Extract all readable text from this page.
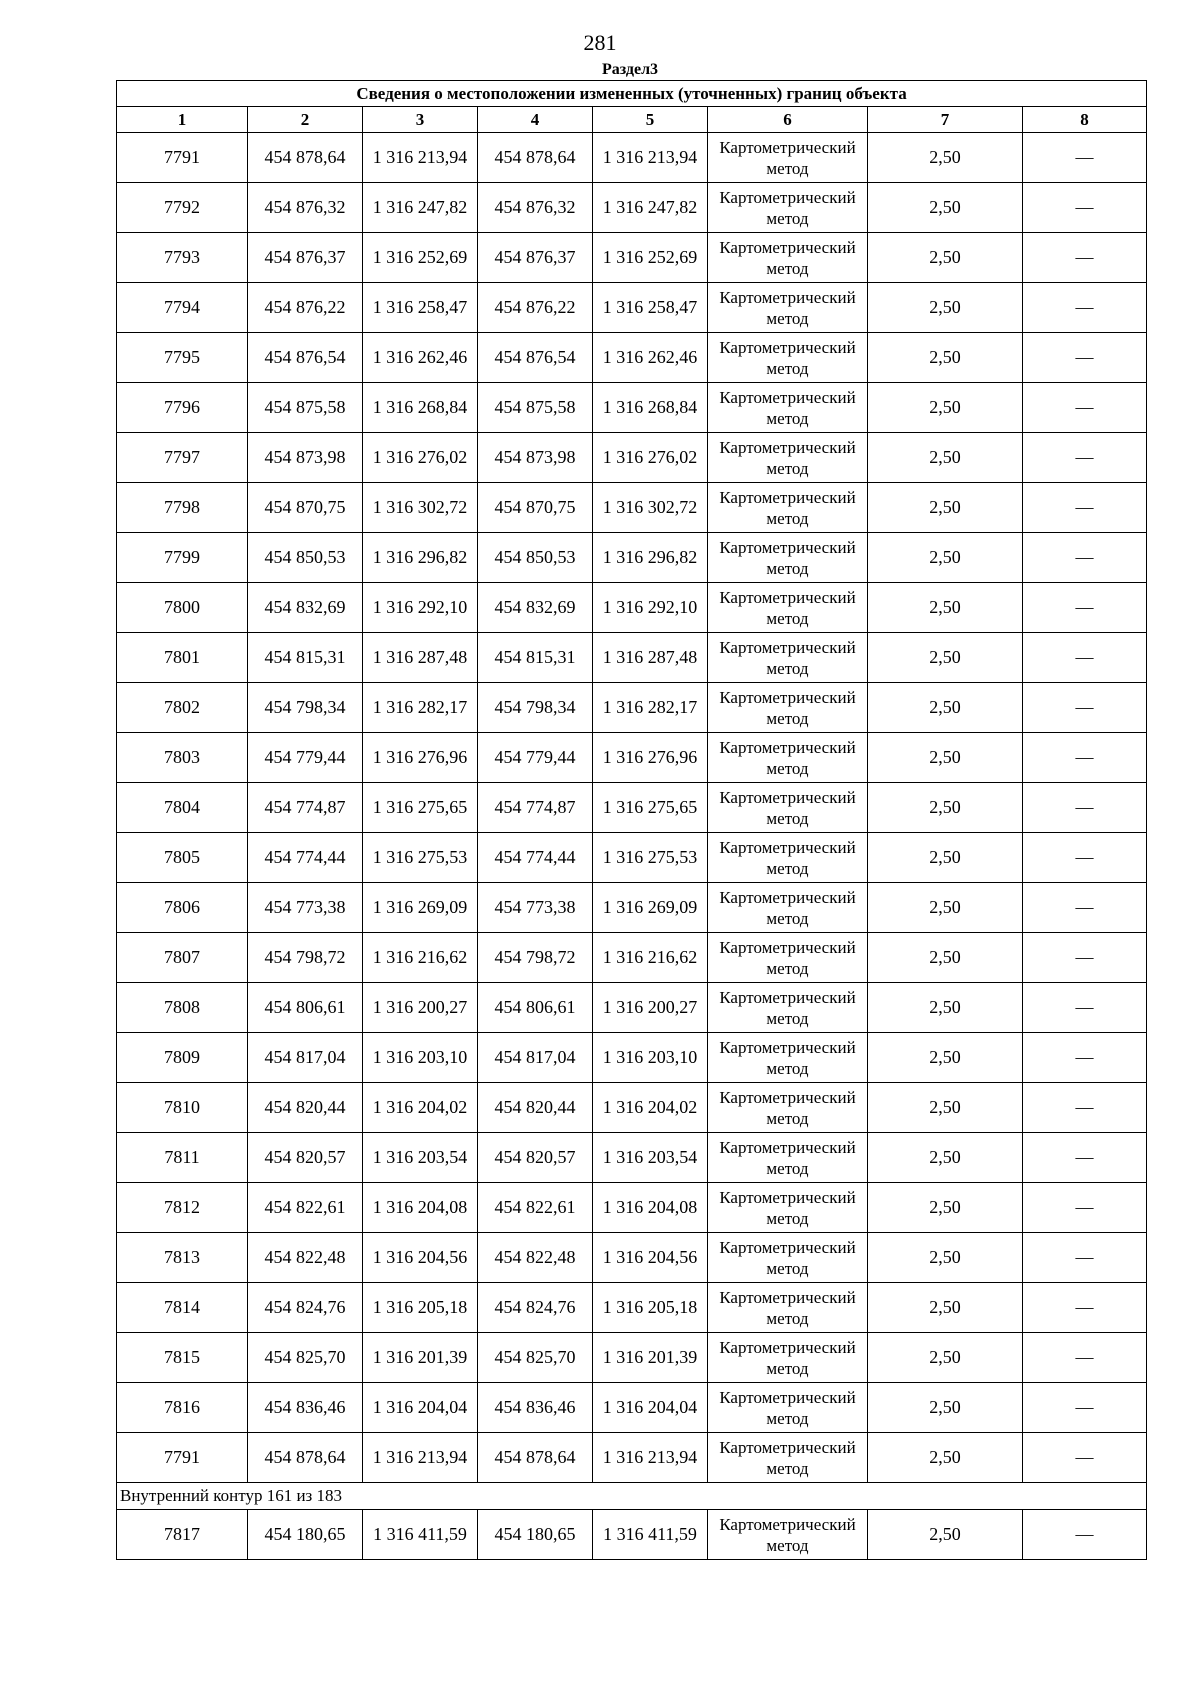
281
Сведения о местоположении измененных (уточненных) границ объекта							
1	2	3	4	5	6	7	8
7791	454 878,64	1 316 213,94	454 878,64	1 316 213,94	Картометрический метод	2,50	—
7792	454 876,32	1 316 247,82	454 876,32	1 316 247,82	Картометрический метод	2,50	—
7793	454 876,37	1 316 252,69	454 876,37	1 316 252,69	Картометрический метод	2,50	—
7794	454 876,22	1 316 258,47	454 876,22	1 316 258,47	Картометрический метод	2,50	—
7795	454 876,54	1 316 262,46	454 876,54	1 316 262,46	Картометрический метод	2,50	—
7796	454 875,58	1 316 268,84	454 875,58	1 316 268,84	Картометрический метод	2,50	—
7797	454 873,98	1 316 276,02	454 873,98	1 316 276,02	Картометрический метод	2,50	—
7798	454 870,75	1 316 302,72	454 870,75	1 316 302,72	Картометрический метод	2,50	—
7799	454 850,53	1 316 296,82	454 850,53	1 316 296,82	Картометрический метод	2,50	—
7800	454 832,69	1 316 292,10	454 832,69	1 316 292,10	Картометрический метод	2,50	—
7801	454 815,31	1 316 287,48	454 815,31	1 316 287,48	Картометрический метод	2,50	—
7802	454 798,34	1 316 282,17	454 798,34	1 316 282,17	Картометрический метод	2,50	—
7803	454 779,44	1 316 276,96	454 779,44	1 316 276,96	Картометрический метод	2,50	—
7804	454 774,87	1 316 275,65	454 774,87	1 316 275,65	Картометрический метод	2,50	—
7805	454 774,44	1 316 275,53	454 774,44	1 316 275,53	Картометрический метод	2,50	—
7806	454 773,38	1 316 269,09	454 773,38	1 316 269,09	Картометрический метод	2,50	—
7807	454 798,72	1 316 216,62	454 798,72	1 316 216,62	Картометрический метод	2,50	—
7808	454 806,61	1 316 200,27	454 806,61	1 316 200,27	Картометрический метод	2,50	—
7809	454 817,04	1 316 203,10	454 817,04	1 316 203,10	Картометрический метод	2,50	—
7810	454 820,44	1 316 204,02	454 820,44	1 316 204,02	Картометрический метод	2,50	—
7811	454 820,57	1 316 203,54	454 820,57	1 316 203,54	Картометрический метод	2,50	—
7812	454 822,61	1 316 204,08	454 822,61	1 316 204,08	Картометрический метод	2,50	—
7813	454 822,48	1 316 204,56	454 822,48	1 316 204,56	Картометрический метод	2,50	—
7814	454 824,76	1 316 205,18	454 824,76	1 316 205,18	Картометрический метод	2,50	—
7815	454 825,70	1 316 201,39	454 825,70	1 316 201,39	Картометрический метод	2,50	—
7816	454 836,46	1 316 204,04	454 836,46	1 316 204,04	Картометрический метод	2,50	—
7791	454 878,64	1 316 213,94	454 878,64	1 316 213,94	Картометрический метод	2,50	—
Внутренний контур 161 из 183							
7817	454 180,65	1 316 411,59	454 180,65	1 316 411,59	Картометрический метод	2,50	—
Раздел3
